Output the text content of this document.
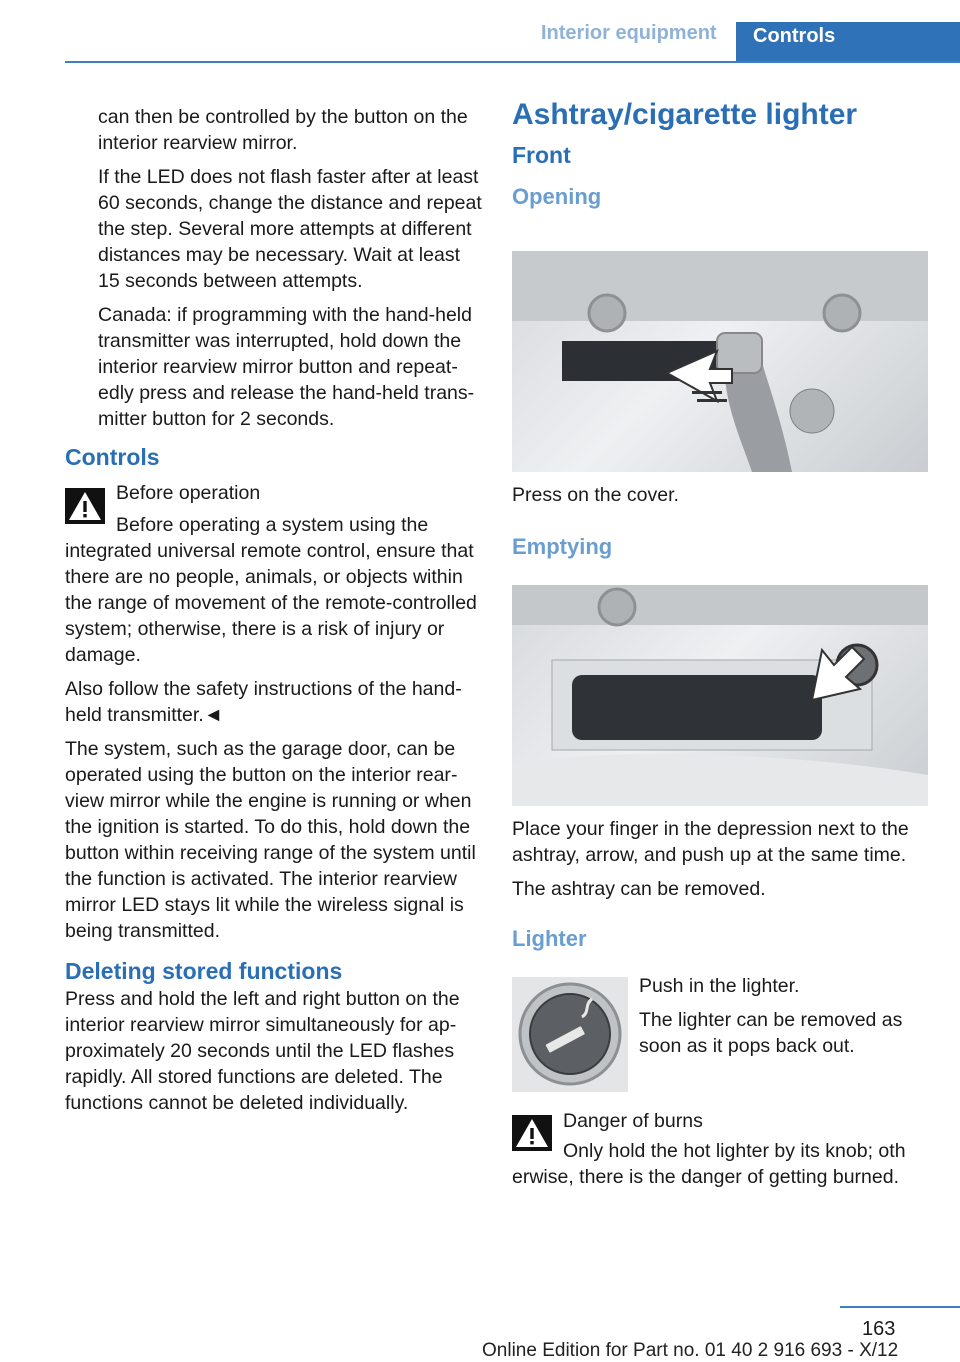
Interior equipment	Controls

can then be controlled by the button on the interior rearview mirror.

If the LED does not flash faster after at least 60 seconds, change the distance and repeat the step. Several more attempts at different distances may be necessary. Wait at least 15 seconds between attempts.

Canada: if programming with the hand-held transmitter was interrupted, hold down the interior rearview mirror button and repeatedly press and release the hand-held transmitter button for 2 seconds.

Controls
Before operation
Before operating a system using the

integrated universal remote control, ensure that there are no people, animals, or objects within the range of movement of the remote-controlled system; otherwise, there is a risk of injury or damage.

Also follow the safety instructions of the hand-held transmitter.◄

The system, such as the garage door, can be operated using the button on the interior rearview mirror while the engine is running or when the ignition is started. To do this, hold down the button within receiving range of the system until the function is activated. The interior rearview mirror LED stays lit while the wireless signal is being transmitted.

Deleting stored functions

Press and hold the left and right button on the interior rearview mirror simultaneously for approximately 20 seconds until the LED flashes rapidly. All stored functions are deleted. The functions cannot be deleted individually.

Ashtray/cigarette lighter
Front
Opening

Press on the cover.

Emptying

Place your finger in the depression next to the ashtray, arrow, and push up at the same time.

The ashtray can be removed.

Lighter

Push in the lighter.

The lighter can be removed as soon as it pops back out.

Danger of burns
Only hold the hot lighter by its knob; oth

erwise, there is the danger of getting burned.

163
Online Edition for Part no. 01 40 2 916 693 - X/12
